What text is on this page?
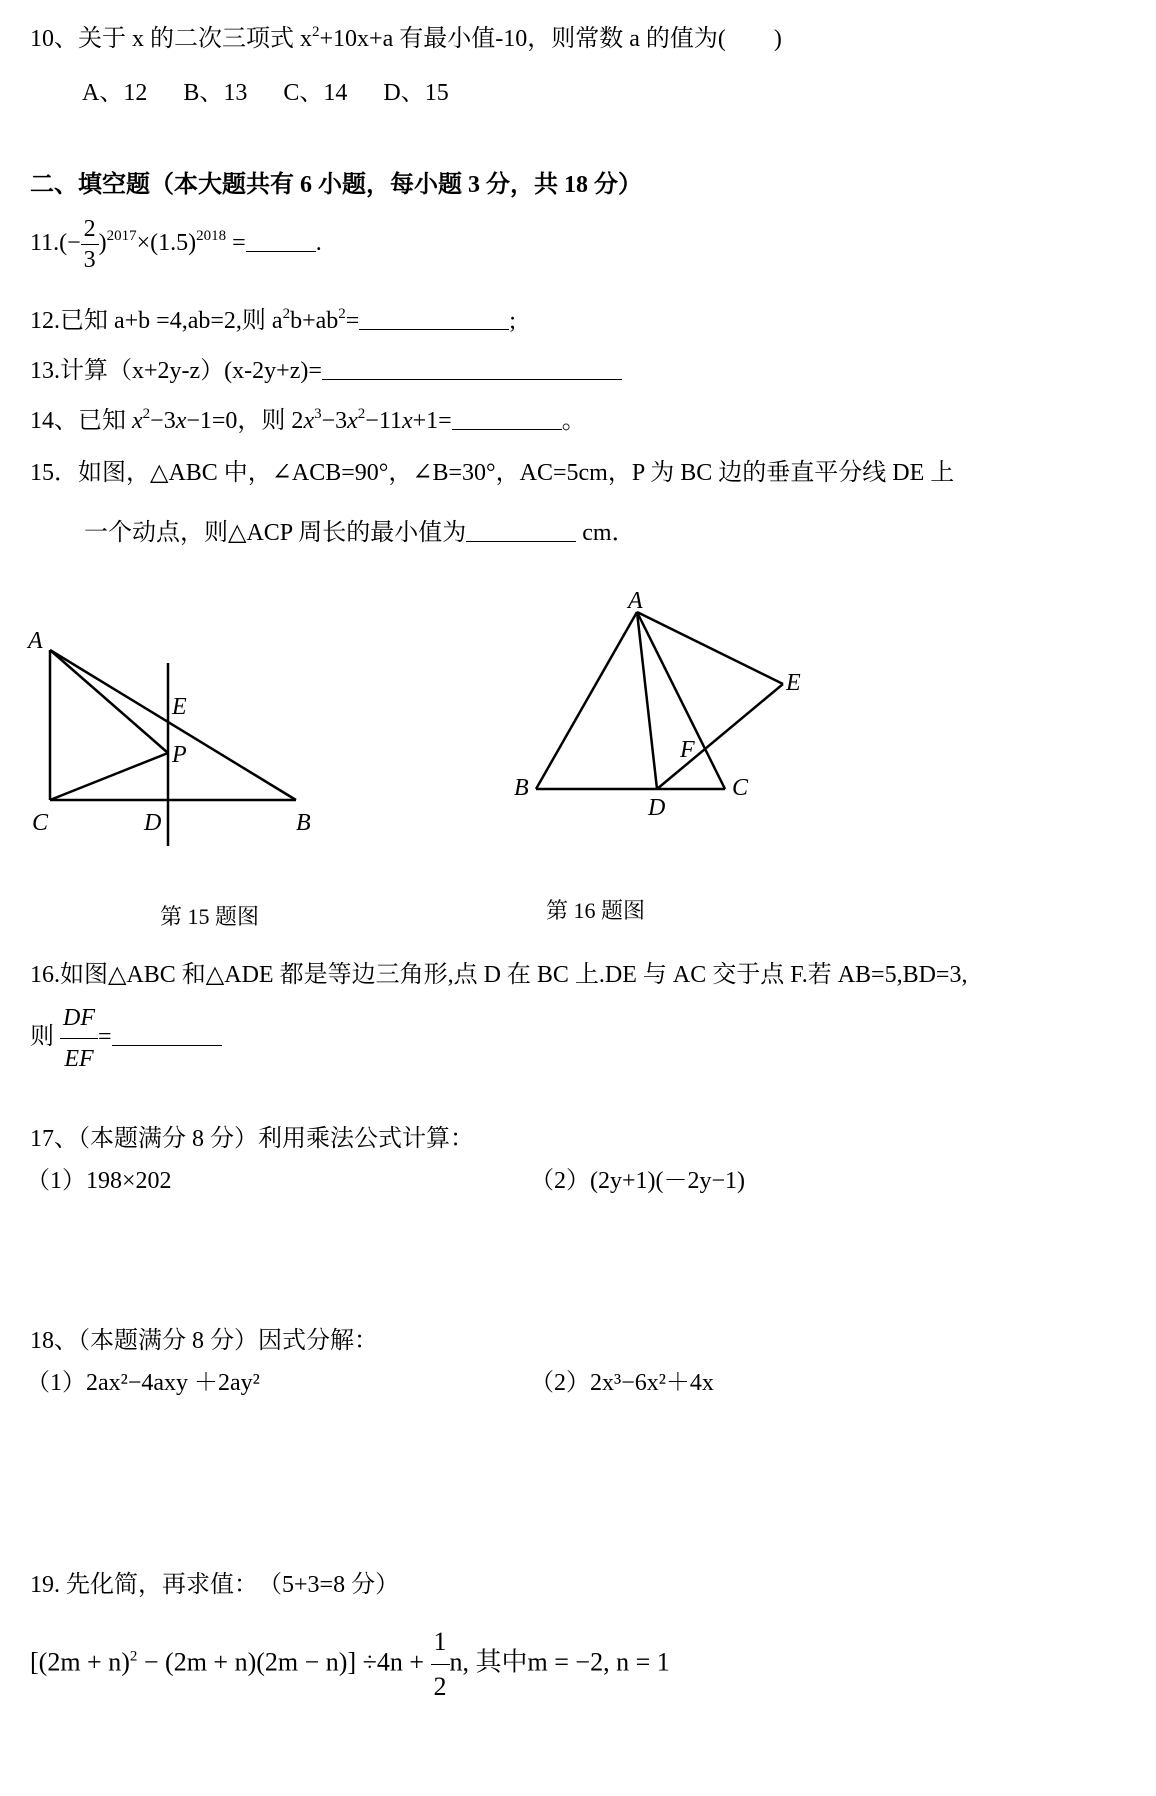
10、关于 x 的二次三项式 $x^2+10x+a$ 有最小值-10，则常数 a 的值为(　　)
A、12 B、13 C、14 D、15
二、填空题（本大题共有 6 小题，每小题 3 分，共 18 分）
$11.(- \frac{2}{3} )^{2017}\times(1.5)^{2018}$ =	.
12.已知 a+b =4,ab=2,则 $a^2b+ab^2=$	;
13.计算（x+2y-z）(x-2y+z)=
14、已知 $x^2-3x-1=0$，则 $2x^3-3x^2-11x+1=$	。
15．如图，△ABC 中，∠ACB=90°，∠B=30°，AC=5cm，P 为 BC 边的垂直平分线 DE 上
一个动点，则△ACP 周长的最小值为	cm．
A
E
P
C	D	B
第 15 题图
A
E
F
B
D
C
第 16 题图
16.如图△ABC 和△ADE 都是等边三角形,点 D 在 BC 上.DE 与 AC 交于点 F.若 AB=5,BD=3,
则 $\frac{DF}{EF}$ =
17、（本题满分 8 分）利用乘法公式计算：
（1）198×202	（2）(2y+1)(－2y−1)
18、（本题满分 8 分）因式分解：
（1）2ax²−4axy ＋2ay²	（2）2x³−6x²＋4x
19. 先化简，再求值：　（5+3=8 分）
$[(2m + n)^2 - (2m + n)(2m - n)] \div 4n + \frac{1}{2} n$, 其中m = −2, n = 1
